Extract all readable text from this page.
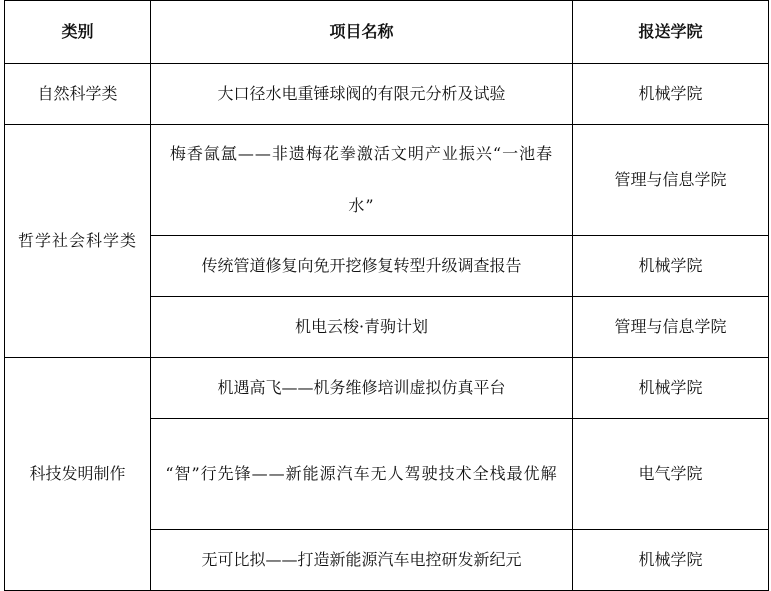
类别	项目名称	报送学院
自然科学类	大口径水电重锤球阀的有限元分析及试验	机械学院

哲学社会科学类	梅香氤氲——非遗梅花拳激活文明产业振兴“一池春水”	管理与信息学院
	传统管道修复向免开挖修复转型升级调查报告	机械学院
	机电云梭·青驹计划	管理与信息学院
科技发明制作	机遇高飞——机务维修培训虚拟仿真平台	机械学院

	“智”行先锋——新能源汽车无人驾驶技术全栈最优解	电气学院
	无可比拟——打造新能源汽车电控研发新纪元	机械学院
